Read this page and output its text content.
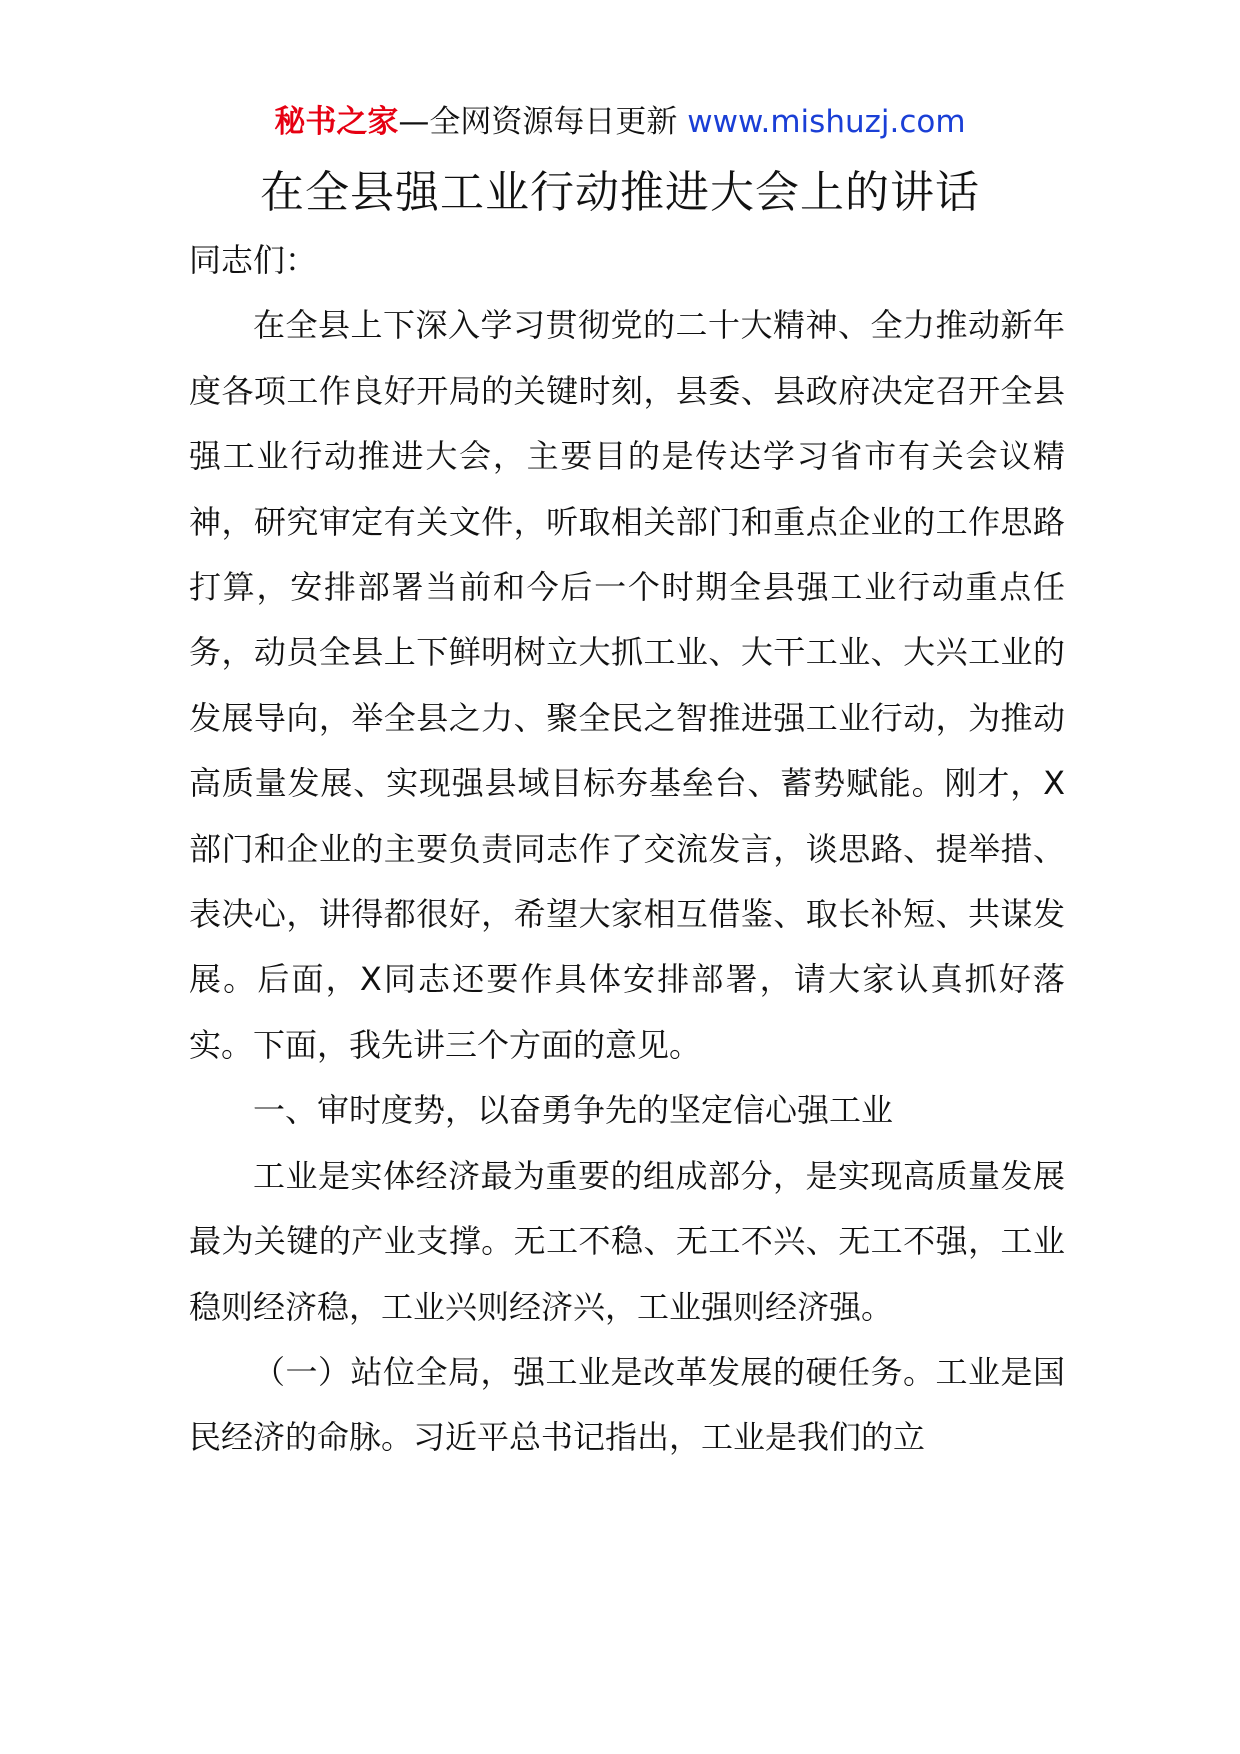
秘书之家—全网资源每日更新 www.mishuzj.com
在全县强工业行动推进大会上的讲话

同志们：

在全县上下深入学习贯彻党的二十大精神、全力推动新年度各项工作良好开局的关键时刻，县委、县政府决定召开全县强工业行动推进大会，主要目的是传达学习省市有关会议精神，研究审定有关文件，听取相关部门和重点企业的工作思路打算，安排部署当前和今后一个时期全县强工业行动重点任务，动员全县上下鲜明树立大抓工业、大干工业、大兴工业的发展导向，举全县之力、聚全民之智推进强工业行动，为推动高质量发展、实现强县域目标夯基垒台、蓄势赋能。刚才，X部门和企业的主要负责同志作了交流发言，谈思路、提举措、表决心，讲得都很好，希望大家相互借鉴、取长补短、共谋发展。后面，X同志还要作具体安排部署，请大家认真抓好落实。下面，我先讲三个方面的意见。

一、审时度势，以奋勇争先的坚定信心强工业

工业是实体经济最为重要的组成部分，是实现高质量发展最为关键的产业支撑。无工不稳、无工不兴、无工不强，工业稳则经济稳，工业兴则经济兴，工业强则经济强。

（一）站位全局，强工业是改革发展的硬任务。工业是国民经济的命脉。习近平总书记指出，工业是我们的立
